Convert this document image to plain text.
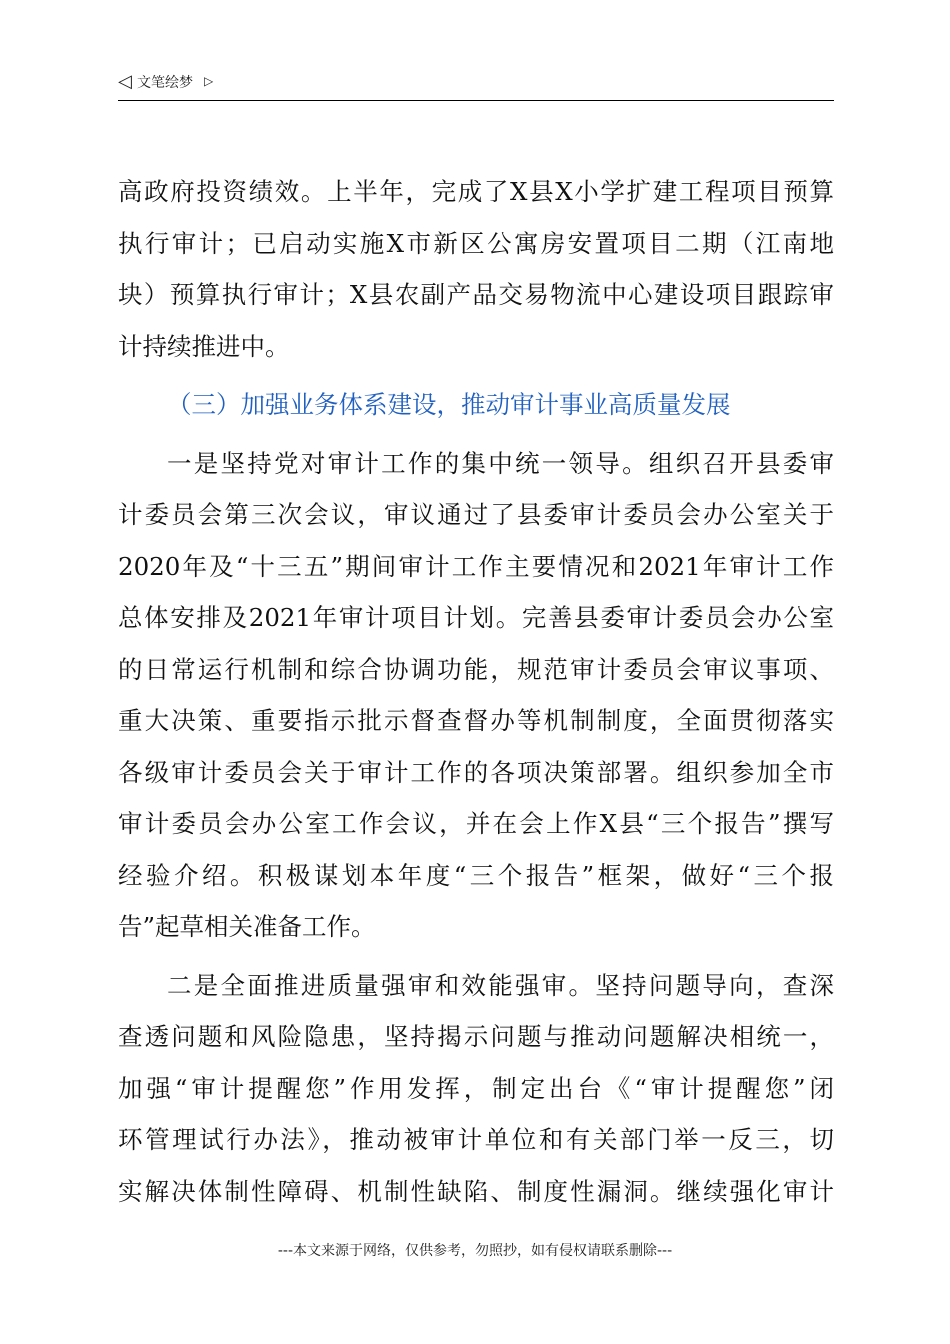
◁ 文笔绘梦 ▷

高政府投资绩效。上半年，完成了X县X小学扩建工程项目预算

执行审计；已启动实施X市新区公寓房安置项目二期（江南地

块）预算执行审计；X县农副产品交易物流中心建设项目跟踪审

计持续推进中。

（三）加强业务体系建设，推动审计事业高质量发展

一是坚持党对审计工作的集中统一领导。组织召开县委审

计委员会第三次会议，审议通过了县委审计委员会办公室关于

2020年及“十三五”期间审计工作主要情况和2021年审计工作

总体安排及2021年审计项目计划。完善县委审计委员会办公室

的日常运行机制和综合协调功能，规范审计委员会审议事项、

重大决策、重要指示批示督查督办等机制制度，全面贯彻落实

各级审计委员会关于审计工作的各项决策部署。组织参加全市

审计委员会办公室工作会议，并在会上作X县“三个报告”撰写

经验介绍。积极谋划本年度“三个报告”框架，做好“三个报

告”起草相关准备工作。

二是全面推进质量强审和效能强审。坚持问题导向，查深

查透问题和风险隐患，坚持揭示问题与推动问题解决相统一，

加强“审计提醒您”作用发挥，制定出台《“审计提醒您”闭

环管理试行办法》，推动被审计单位和有关部门举一反三，切

实解决体制性障碍、机制性缺陷、制度性漏洞。继续强化审计

---本文来源于网络，仅供参考，勿照抄，如有侵权请联系删除---
